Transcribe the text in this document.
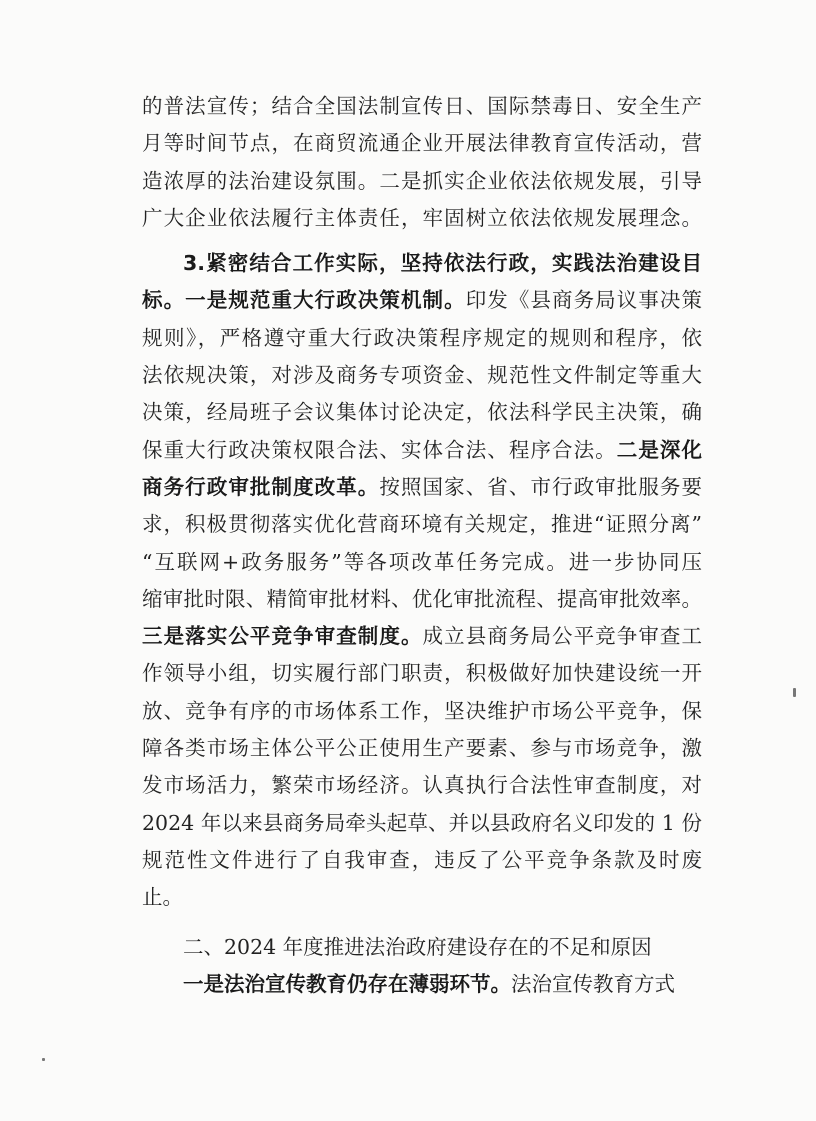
的普法宣传；结合全国法制宣传日、国际禁毒日、安全生产
月等时间节点，在商贸流通企业开展法律教育宣传活动，营
造浓厚的法治建设氛围。二是抓实企业依法依规发展，引导
广大企业依法履行主体责任，牢固树立依法依规发展理念。
3.紧密结合工作实际，坚持依法行政，实践法治建设目
标。一是规范重大行政决策机制。印发《县商务局议事决策
规则》，严格遵守重大行政决策程序规定的规则和程序，依
法依规决策，对涉及商务专项资金、规范性文件制定等重大
决策，经局班子会议集体讨论决定，依法科学民主决策，确
保重大行政决策权限合法、实体合法、程序合法。二是深化
商务行政审批制度改革。按照国家、省、市行政审批服务要
求，积极贯彻落实优化营商环境有关规定，推进“证照分离”
“互联网+政务服务”等各项改革任务完成。进一步协同压
缩审批时限、精简审批材料、优化审批流程、提高审批效率。
三是落实公平竞争审查制度。成立县商务局公平竞争审查工
作领导小组，切实履行部门职责，积极做好加快建设统一开
放、竞争有序的市场体系工作，坚决维护市场公平竞争，保
障各类市场主体公平公正使用生产要素、参与市场竞争，激
发市场活力，繁荣市场经济。认真执行合法性审查制度，对
2024 年以来县商务局牵头起草、并以县政府名义印发的 1 份
规范性文件进行了自我审查，违反了公平竞争条款及时废
止。
二、2024 年度推进法治政府建设存在的不足和原因
一是法治宣传教育仍存在薄弱环节。法治宣传教育方式
